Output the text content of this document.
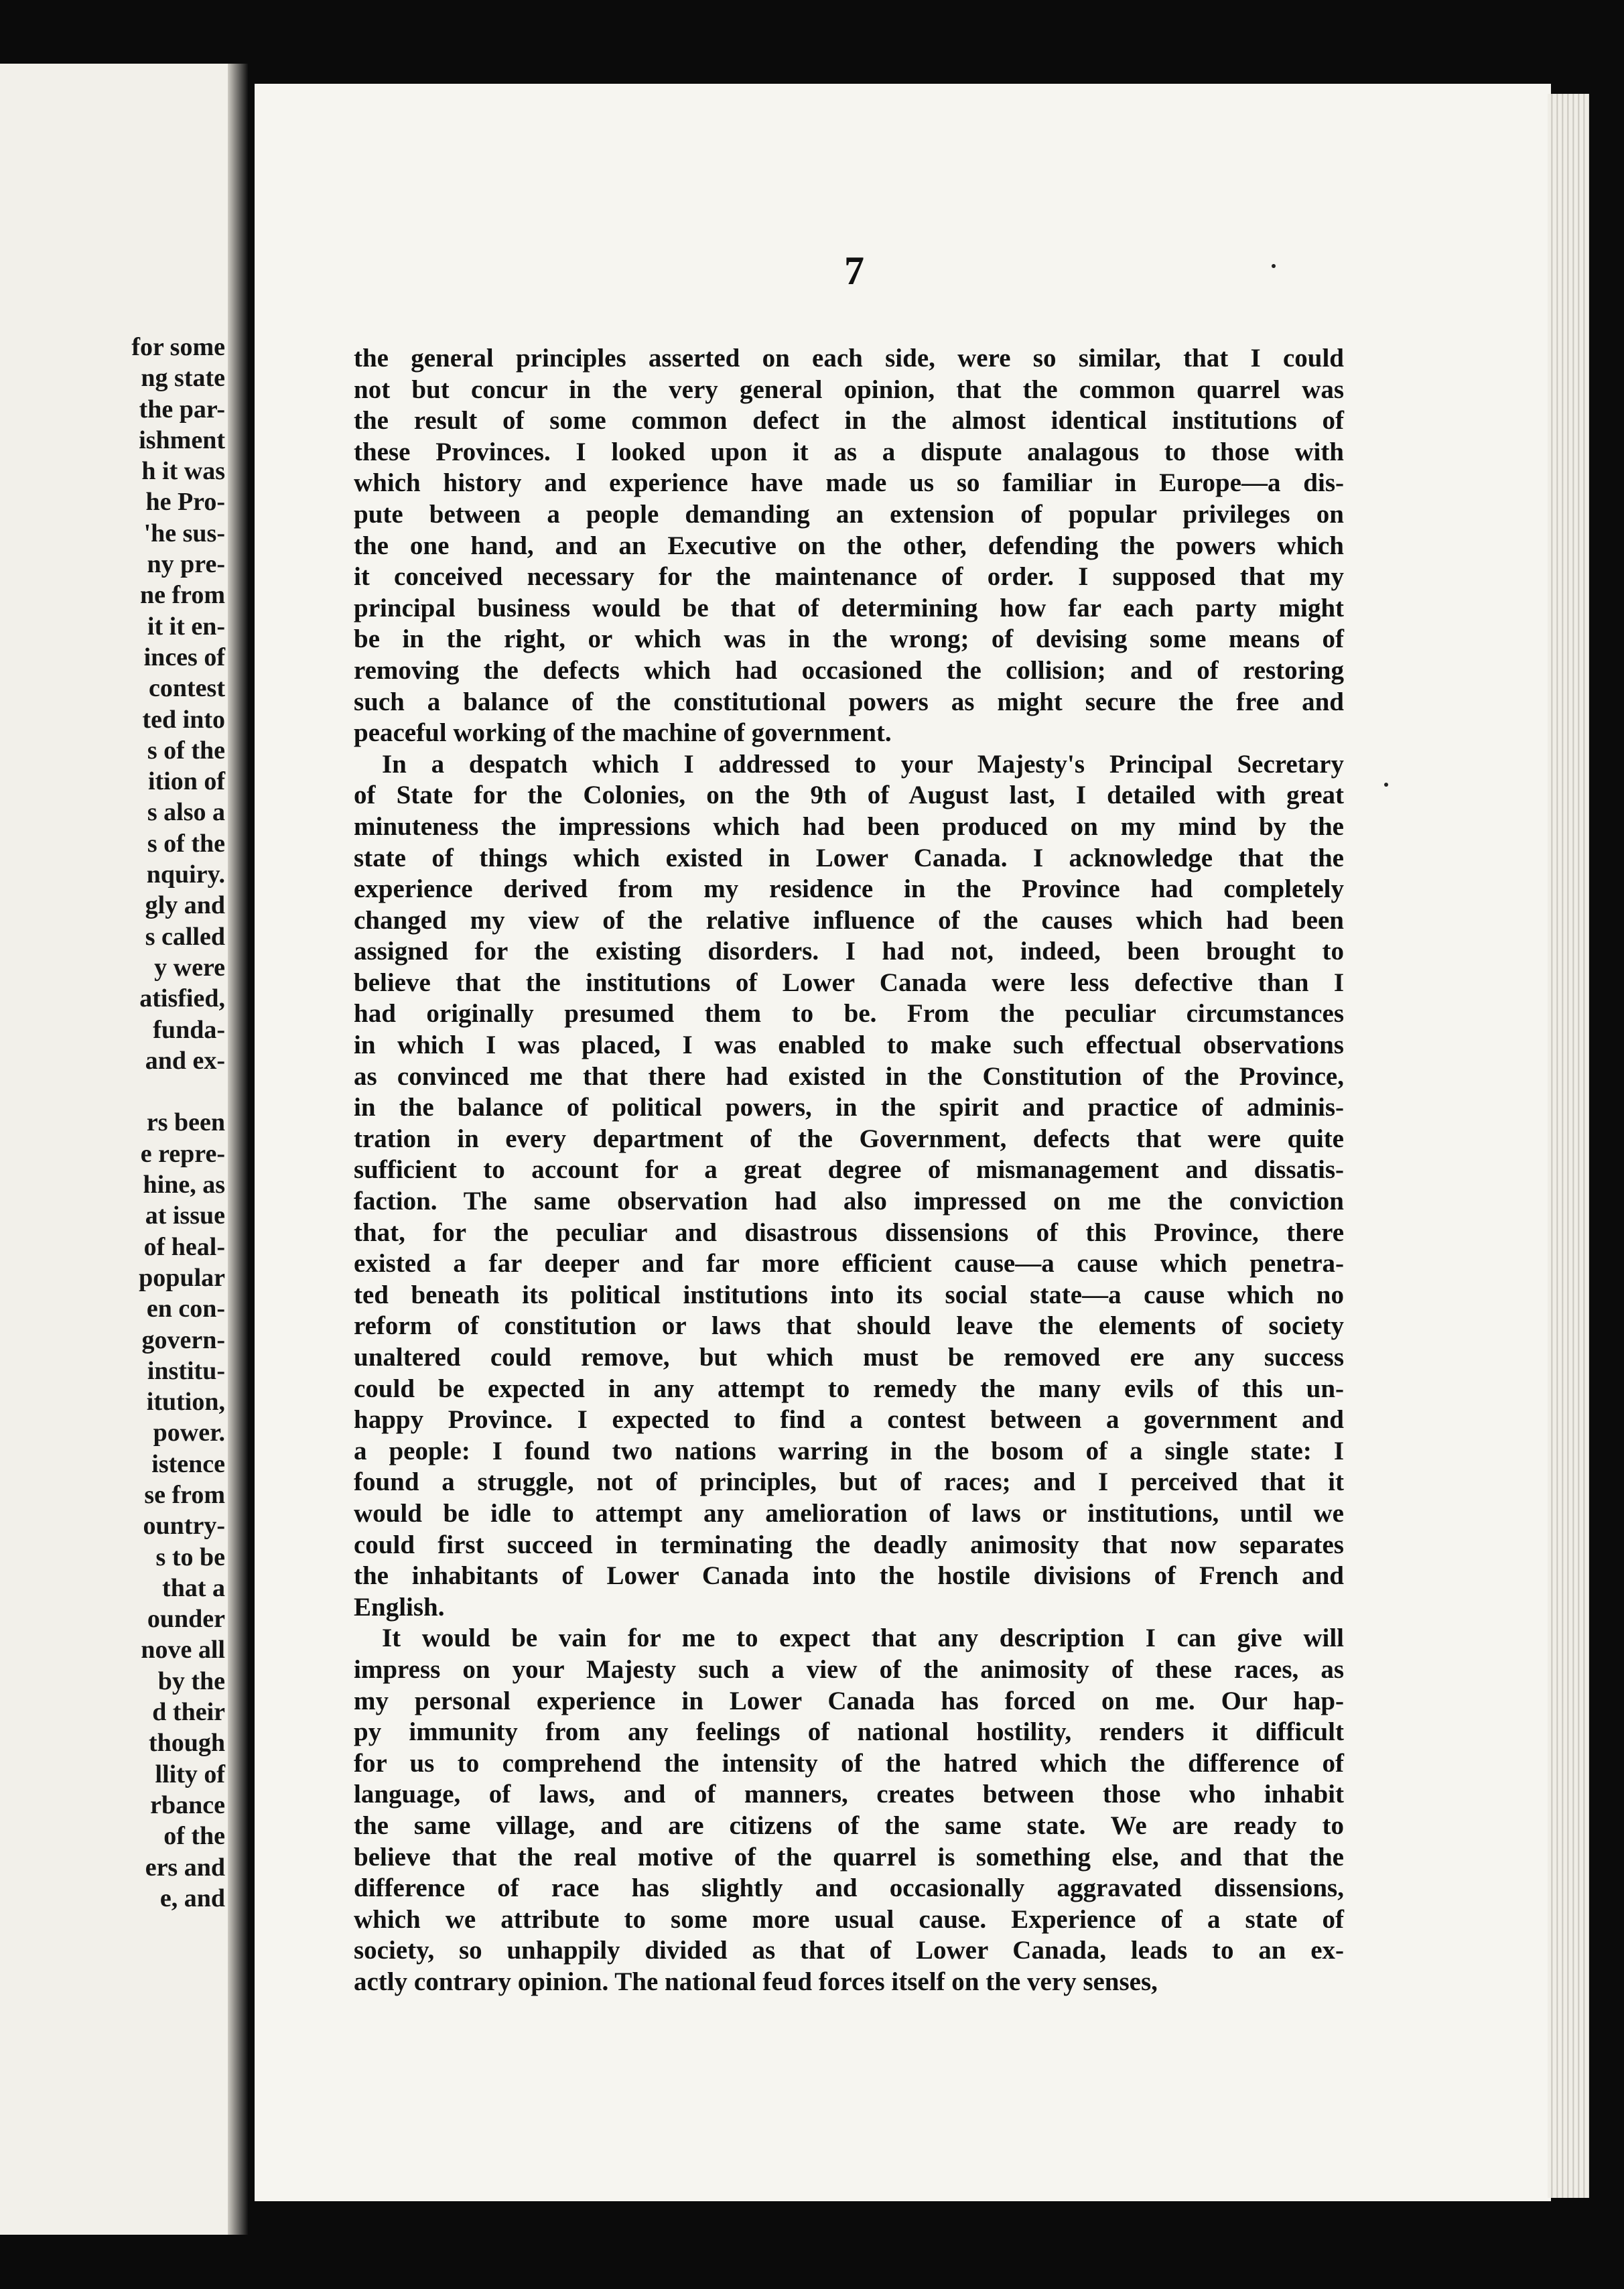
for some
ng state
the par-
ishment
h it was
he Pro-
'he sus-
ny pre-
ne from
it it en-
inces of
contest
ted into
s of the
ition of
s also a
s of the
nquiry.
gly and
s called
y were
atisfied,
funda-
and ex-

rs been
e repre-
hine, as
at issue
of heal-
popular
en con-
govern-
institu-
itution,
power.
istence
se from
ountry-
s to be
that a
ounder
nove all
by the
d their
though
llity of
rbance
of the
ers and
e, and
7
the general principles asserted on each side, were so similar, that I could
not but concur in the very general opinion, that the common quarrel was
the result of some common defect in the almost identical institutions of
these Provinces. I looked upon it as a dispute analagous to those with
which history and experience have made us so familiar in Europe—a dis-
pute between a people demanding an extension of popular privileges on
the one hand, and an Executive on the other, defending the powers which
it conceived necessary for the maintenance of order. I supposed that my
principal business would be that of determining how far each party might
be in the right, or which was in the wrong; of devising some means of
removing the defects which had occasioned the collision; and of restoring
such a balance of the constitutional powers as might secure the free and
peaceful working of the machine of government.
In a despatch which I addressed to your Majesty's Principal Secretary
of State for the Colonies, on the 9th of August last, I detailed with great
minuteness the impressions which had been produced on my mind by the
state of things which existed in Lower Canada. I acknowledge that the
experience derived from my residence in the Province had completely
changed my view of the relative influence of the causes which had been
assigned for the existing disorders. I had not, indeed, been brought to
believe that the institutions of Lower Canada were less defective than I
had originally presumed them to be. From the peculiar circumstances
in which I was placed, I was enabled to make such effectual observations
as convinced me that there had existed in the Constitution of the Province,
in the balance of political powers, in the spirit and practice of adminis-
tration in every department of the Government, defects that were quite
sufficient to account for a great degree of mismanagement and dissatis-
faction. The same observation had also impressed on me the conviction
that, for the peculiar and disastrous dissensions of this Province, there
existed a far deeper and far more efficient cause—a cause which penetra-
ted beneath its political institutions into its social state—a cause which no
reform of constitution or laws that should leave the elements of society
unaltered could remove, but which must be removed ere any success
could be expected in any attempt to remedy the many evils of this un-
happy Province. I expected to find a contest between a government and
a people: I found two nations warring in the bosom of a single state: I
found a struggle, not of principles, but of races; and I perceived that it
would be idle to attempt any amelioration of laws or institutions, until we
could first succeed in terminating the deadly animosity that now separates
the inhabitants of Lower Canada into the hostile divisions of French and
English.
It would be vain for me to expect that any description I can give will
impress on your Majesty such a view of the animosity of these races, as
my personal experience in Lower Canada has forced on me. Our hap-
py immunity from any feelings of national hostility, renders it difficult
for us to comprehend the intensity of the hatred which the difference of
language, of laws, and of manners, creates between those who inhabit
the same village, and are citizens of the same state. We are ready to
believe that the real motive of the quarrel is something else, and that the
difference of race has slightly and occasionally aggravated dissensions,
which we attribute to some more usual cause. Experience of a state of
society, so unhappily divided as that of Lower Canada, leads to an ex-
actly contrary opinion. The national feud forces itself on the very senses,
